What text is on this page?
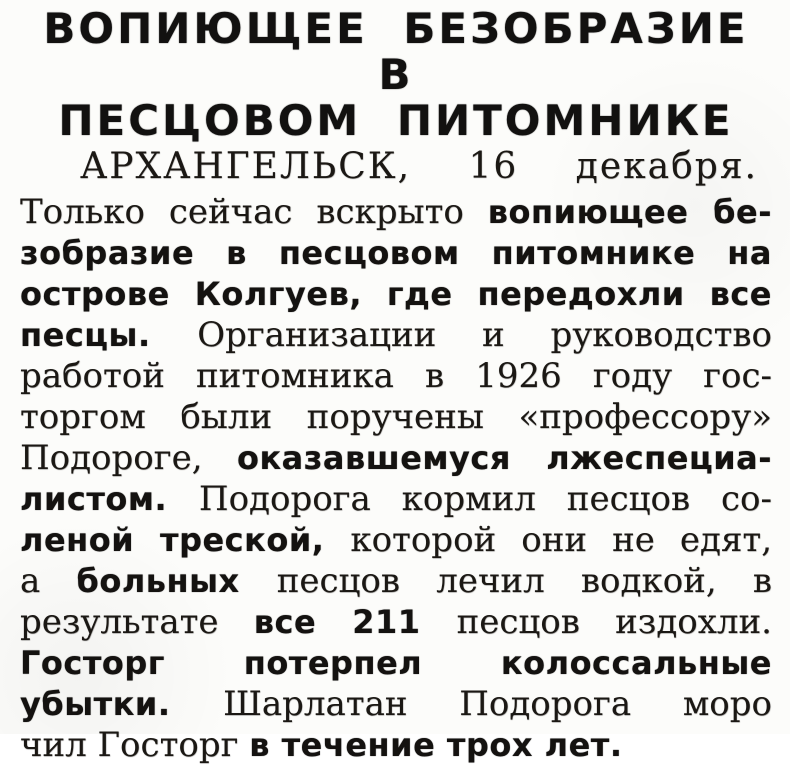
ВОПИЮЩЕЕ БЕЗОБРАЗИЕ В
ПЕСЦОВОМ ПИТОМНИКЕ
АРХАНГЕЛЬСК, 16 декабря.
Только сейчас вскрыто вопиющее бе-
зобразие в песцовом питомнике на
острове Колгуев, где передохли все
песцы. Организации и руководство
работой питомника в 1926 году гос-
торгом были поручены «профессору»
Подороге, оказавшемуся лжеспециа-
листом. Подорога кормил песцов со-
леной треской, которой они не едят,
а больных песцов лечил водкой, в
результате все 211 песцов издохли.
Госторг потерпел колоссальные
убытки. Шарлатан Подорога моро
чил Госторг в течение трох лет.
